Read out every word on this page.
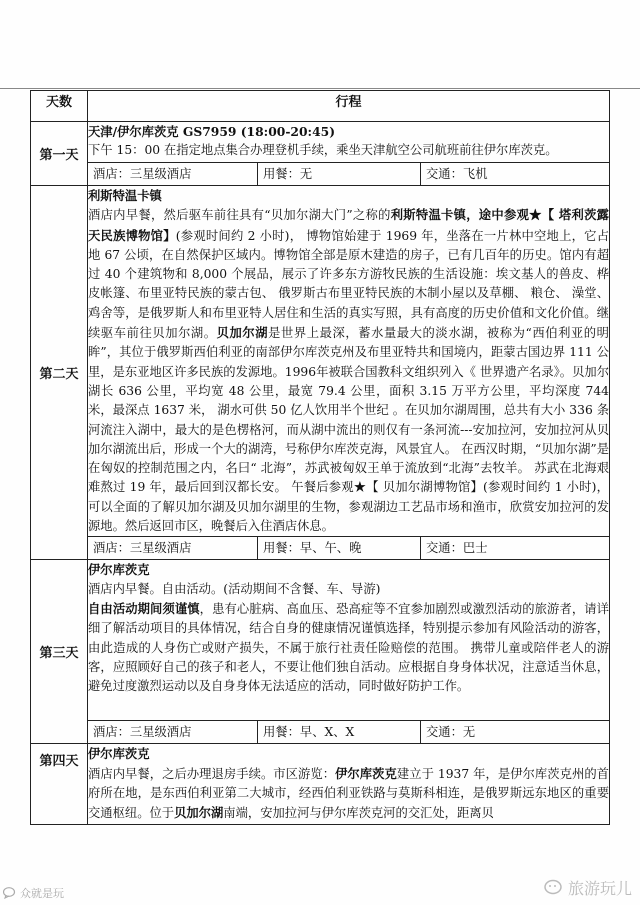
天数	行程
第一天	天津/伊尔库茨克 GS7959 (18:00-20:45)

下午 15：00 在指定地点集合办理登机手续，乘坐天津航空公司航班前往伊尔库茨克。

	酒店：三星级酒店 用餐：无 交通：飞机

第二天	利斯特温卡镇

酒店内早餐，然后驱车前往具有“贝加尔湖大门”之称的利斯特温卡镇，途中参观★【 塔利茨露天民族博物馆】(参观时间约 2 小时)， 博物馆始建于 1969 年，坐落在一片林中空地上，它占地 67 公顷，在自然保护区域内。博物馆全部是原木建造的房子，已有几百年的历史。馆内有超过 40 个建筑物和 8,000 个展品，展示了许多东方游牧民族的生活设施：埃文基人的兽皮、桦皮帐篷、布里亚特民族的蒙古包、 俄罗斯古布里亚特民族的木制小屋以及草棚、 粮仓、 澡堂、 鸡舍等，是俄罗斯人和布里亚特人居住和生活的真实写照，具有高度的历史价值和文化价值。继续驱车前往贝加尔湖。贝加尔湖是世界上最深，蓄水量最大的淡水湖，被称为“西伯利亚的明眸”，其位于俄罗斯西伯利亚的南部伊尔库茨克州及布里亚特共和国境内，距蒙古国边界 111 公里，是东亚地区许多民族的发源地。1996年被联合国教科文组织列入《 世界遗产名录》。贝加尔湖长 636 公里，平均宽 48 公里，最宽 79.4 公里，面积 3.15 万平方公里，平均深度 744 米，最深点 1637 米， 湖水可供 50 亿人饮用半个世纪 。在贝加尔湖周围，总共有大小 336 条河流注入湖中，最大的是色楞格河，而从湖中流出的则仅有一条河流---安加拉河，安加拉河从贝加尔湖流出后，形成一个大的湖湾，号称伊尔库茨克海，风景宜人。 在西汉时期，“贝加尔湖”是在匈奴的控制范围之内，名曰“ 北海”，苏武被匈奴王单于流放到“北海”去牧羊。 苏武在北海艰难熬过 19 年，最后回到汉都长安。 午餐后参观★【 贝加尔湖博物馆】(参观时间约 1 小时)， 可以全面的了解贝加尔湖及贝加尔湖里的生物，参观湖边工艺品市场和渔市，欣赏安加拉河的发源地。然后返回市区，晚餐后入住酒店休息。

	酒店：三星级酒店 用餐：早、午、晚 交通：巴士

第三天	伊尔库茨克

酒店内早餐。自由活动。(活动期间不含餐、车、导游)

自由活动期间须谨慎，患有心脏病、高血压、恐高症等不宜参加剧烈或激烈活动的旅游者，请详细了解活动项目的具体情况，结合自身的健康情况谨慎选择，特别提示参加有风险活动的游客，由此造成的人身伤亡或财产损失，不属于旅行社责任险赔偿的范围。 携带儿童或陪伴老人的游客，应照顾好自己的孩子和老人，不要让他们独自活动。应根据自身身体状况，注意适当休息，避免过度激烈运动以及自身身体无法适应的活动，同时做好防护工作。

	酒店：三星级酒店 用餐：早、X、X 交通：无

第四天	伊尔库茨克

酒店内早餐，之后办理退房手续。市区游览：伊尔库茨克建立于 1937 年，是伊尔库茨克州的首府所在地，是东西伯利亚第二大城市，经西伯利亚铁路与莫斯科相连，是俄罗斯远东地区的重要交通枢纽。位于贝加尔湖南端，安加拉河与伊尔库茨克河的交汇处，距离贝

众就是玩	旅游玩儿
